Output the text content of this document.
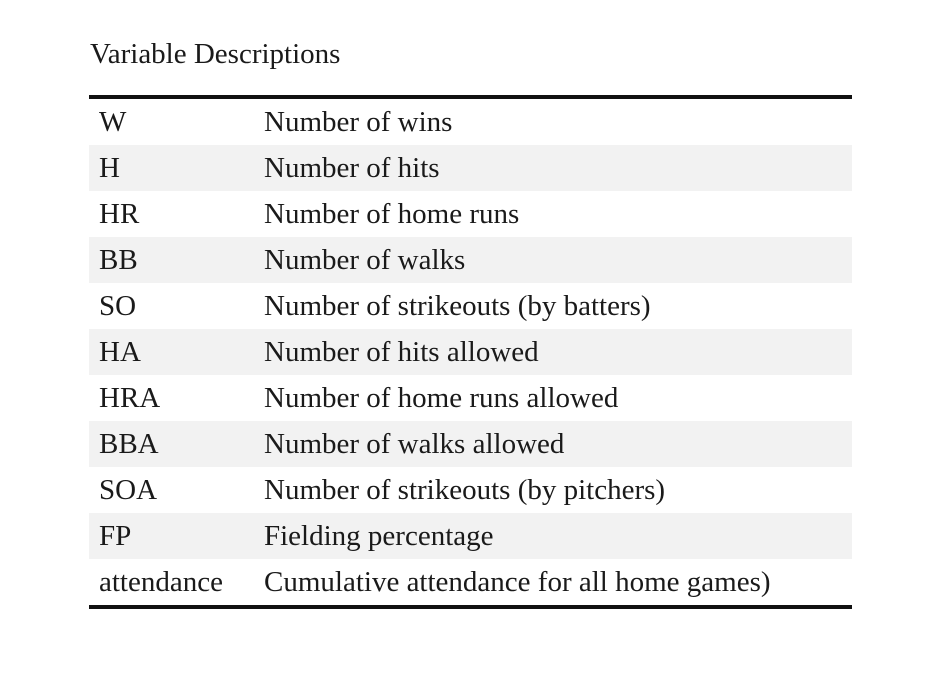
Variable Descriptions
W	Number of wins
H	Number of hits
HR	Number of home runs
BB	Number of walks
SO	Number of strikeouts (by batters)
HA	Number of hits allowed
HRA	Number of home runs allowed
BBA	Number of walks allowed
SOA	Number of strikeouts (by pitchers)
FP	Fielding percentage
attendance	Cumulative attendance for all home games)
